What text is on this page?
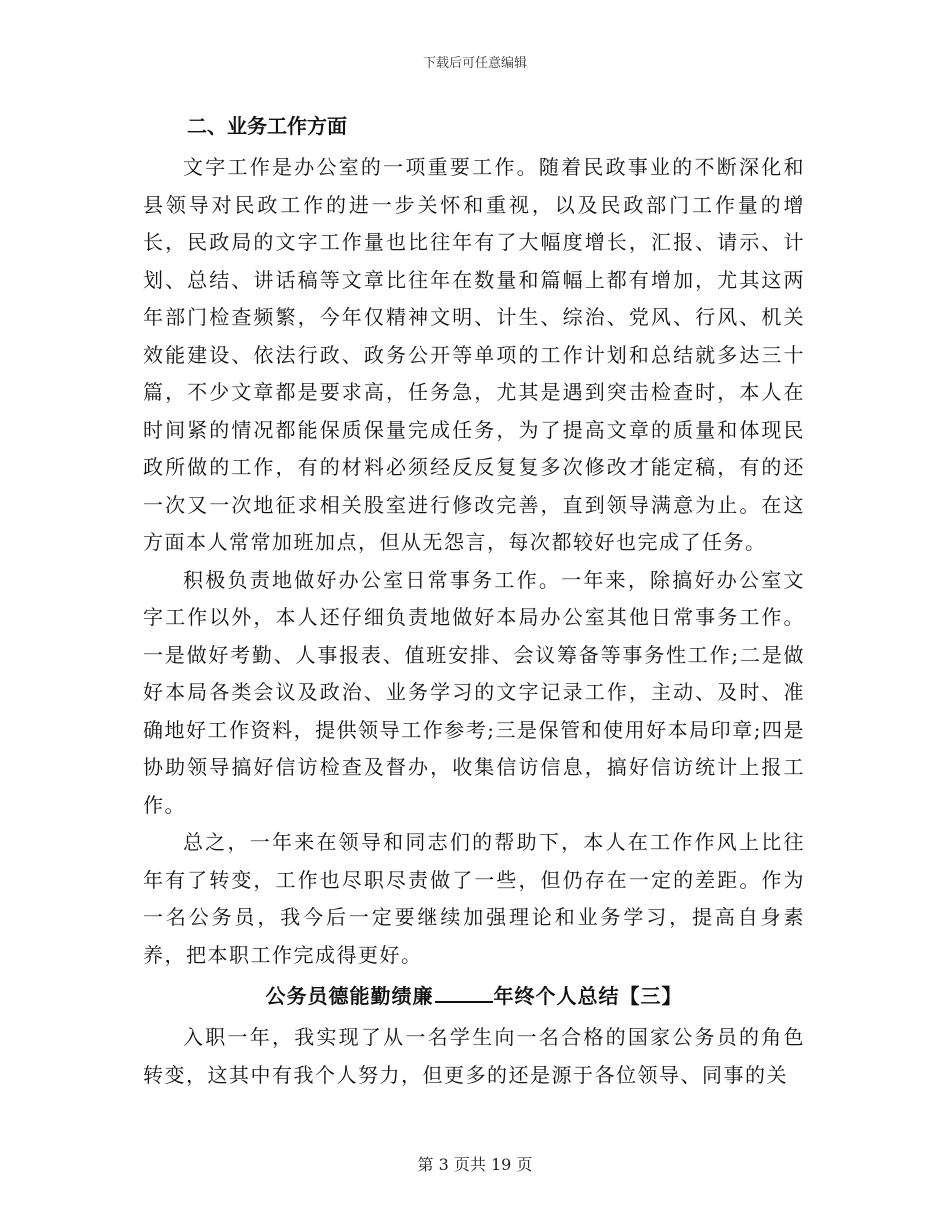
下载后可任意编辑

二、业务工作方面

文字工作是办公室的一项重要工作。随着民政事业的不断深化和县领导对民政工作的进一步关怀和重视，以及民政部门工作量的增长，民政局的文字工作量也比往年有了大幅度增长，汇报、请示、计划、总结、讲话稿等文章比往年在数量和篇幅上都有增加，尤其这两年部门检查频繁，今年仅精神文明、计生、综治、党风、行风、机关效能建设、依法行政、政务公开等单项的工作计划和总结就多达三十篇，不少文章都是要求高，任务急，尤其是遇到突击检查时，本人在时间紧的情况都能保质保量完成任务，为了提高文章的质量和体现民政所做的工作，有的材料必须经反反复复多次修改才能定稿，有的还一次又一次地征求相关股室进行修改完善，直到领导满意为止。在这方面本人常常加班加点，但从无怨言，每次都较好也完成了任务。

积极负责地做好办公室日常事务工作。一年来，除搞好办公室文字工作以外，本人还仔细负责地做好本局办公室其他日常事务工作。一是做好考勤、人事报表、值班安排、会议筹备等事务性工作;二是做好本局各类会议及政治、业务学习的文字记录工作，主动、及时、准确地好工作资料，提供领导工作参考;三是保管和使用好本局印章;四是协助领导搞好信访检查及督办，收集信访信息，搞好信访统计上报工作。

总之，一年来在领导和同志们的帮助下，本人在工作作风上比往年有了转变，工作也尽职尽责做了一些，但仍存在一定的差距。作为一名公务员，我今后一定要继续加强理论和业务学习，提高自身素养，把本职工作完成得更好。

公务员德能勤绩廉	年终个人总结【三】

入职一年，我实现了从一名学生向一名合格的国家公务员的角色转变，这其中有我个人努力，但更多的还是源于各位领导、同事的关

第 3 页共 19 页
